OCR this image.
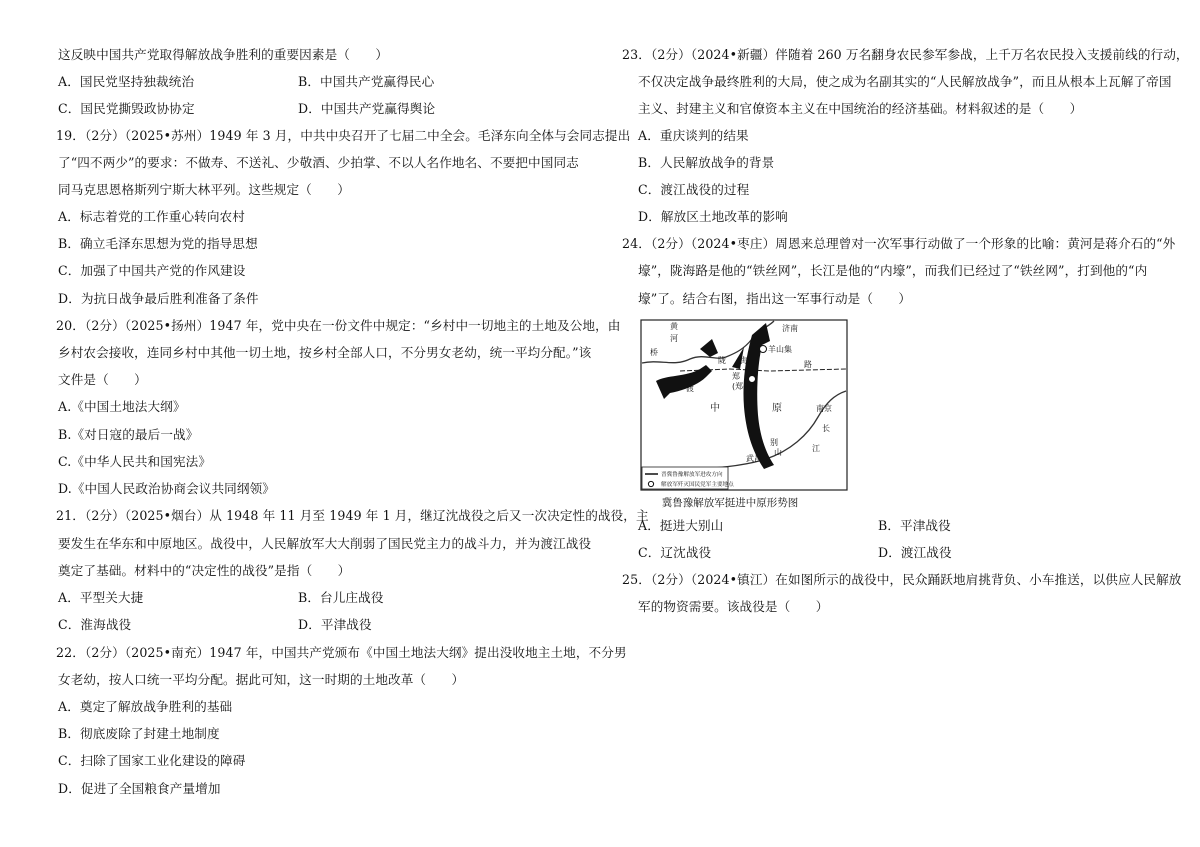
这反映中国共产党取得解放战争胜利的重要因素是（　　）
A．国民党坚持独裁统治	B．中国共产党赢得民心
C．国民党撕毁政协协定	D．中国共产党赢得舆论
19．（2分）（2025•苏州）1949 年 3 月，中共中央召开了七届二中全会。毛泽东向全体与会同志提出
了“四不两少”的要求：不做寿、不送礼、少敬酒、少拍掌、不以人名作地名、不要把中国同志
同马克思恩格斯列宁斯大林平列。这些规定（　　）
A．标志着党的工作重心转向农村
B．确立毛泽东思想为党的指导思想
C．加强了中国共产党的作风建设
D．为抗日战争最后胜利准备了条件
20．（2分）（2025•扬州）1947 年，党中央在一份文件中规定：“乡村中一切地主的土地及公地，由
乡村农会接收，连同乡村中其他一切土地，按乡村全部人口，不分男女老幼，统一平均分配。”该
文件是（　　）
A.《中国土地法大纲》
B.《对日寇的最后一战》
C.《中华人民共和国宪法》
D.《中国人民政治协商会议共同纲领》
21．（2分）（2025•烟台）从 1948 年 11 月至 1949 年 1 月，继辽沈战役之后又一次决定性的战役，主
要发生在华东和中原地区。战役中，人民解放军大大削弱了国民党主力的战斗力，并为渡江战役
奠定了基础。材料中的“决定性的战役”是指（　　）
A．平型关大捷	B．台儿庄战役
C．淮海战役	D．平津战役
22．（2分）（2025•南充）1947 年，中国共产党颁布《中国土地法大纲》提出没收地主土地，不分男
女老幼，按人口统一平均分配。据此可知，这一时期的土地改革（　　）
A．奠定了解放战争胜利的基础
B．彻底废除了封建土地制度
C．扫除了国家工业化建设的障碍
D．促进了全国粮食产量增加
23．（2分）（2024•新疆）伴随着 260 万名翻身农民参军参战，上千万名农民投入支援前线的行动，
不仅决定战争最终胜利的大局，使之成为名副其实的“人民解放战争”，而且从根本上瓦解了帝国
主义、封建主义和官僚资本主义在中国统治的经济基础。材料叙述的是（　　）
A．重庆谈判的结果
B．人民解放战争的背景
C．渡江战役的过程
D．解放区土地改革的影响
24．（2分）（2024•枣庄）周恩来总理曾对一次军事行动做了一个形象的比喻：黄河是蒋介石的“外
壕”，陇海路是他的“铁丝网”，长江是他的“内壕”，而我们已经过了“铁丝网”，打到他的“内
壕”了。结合右图，指出这一军事行动是（　　）
黄
河
济南
羊山集
陇 海	路
郑
(郑州)
中	原	南京
长
江
大
别
山
武昌
桥
渡
晋冀鲁豫解放军进攻方向
解放军歼灭国民党军主要地点
冀鲁豫解放军挺进中原形势图
A．挺进大别山	B．平津战役
C．辽沈战役	D．渡江战役
25．（2分）（2024•镇江）在如图所示的战役中，民众踊跃地肩挑背负、小车推送，以供应人民解放
军的物资需要。该战役是（　　）
